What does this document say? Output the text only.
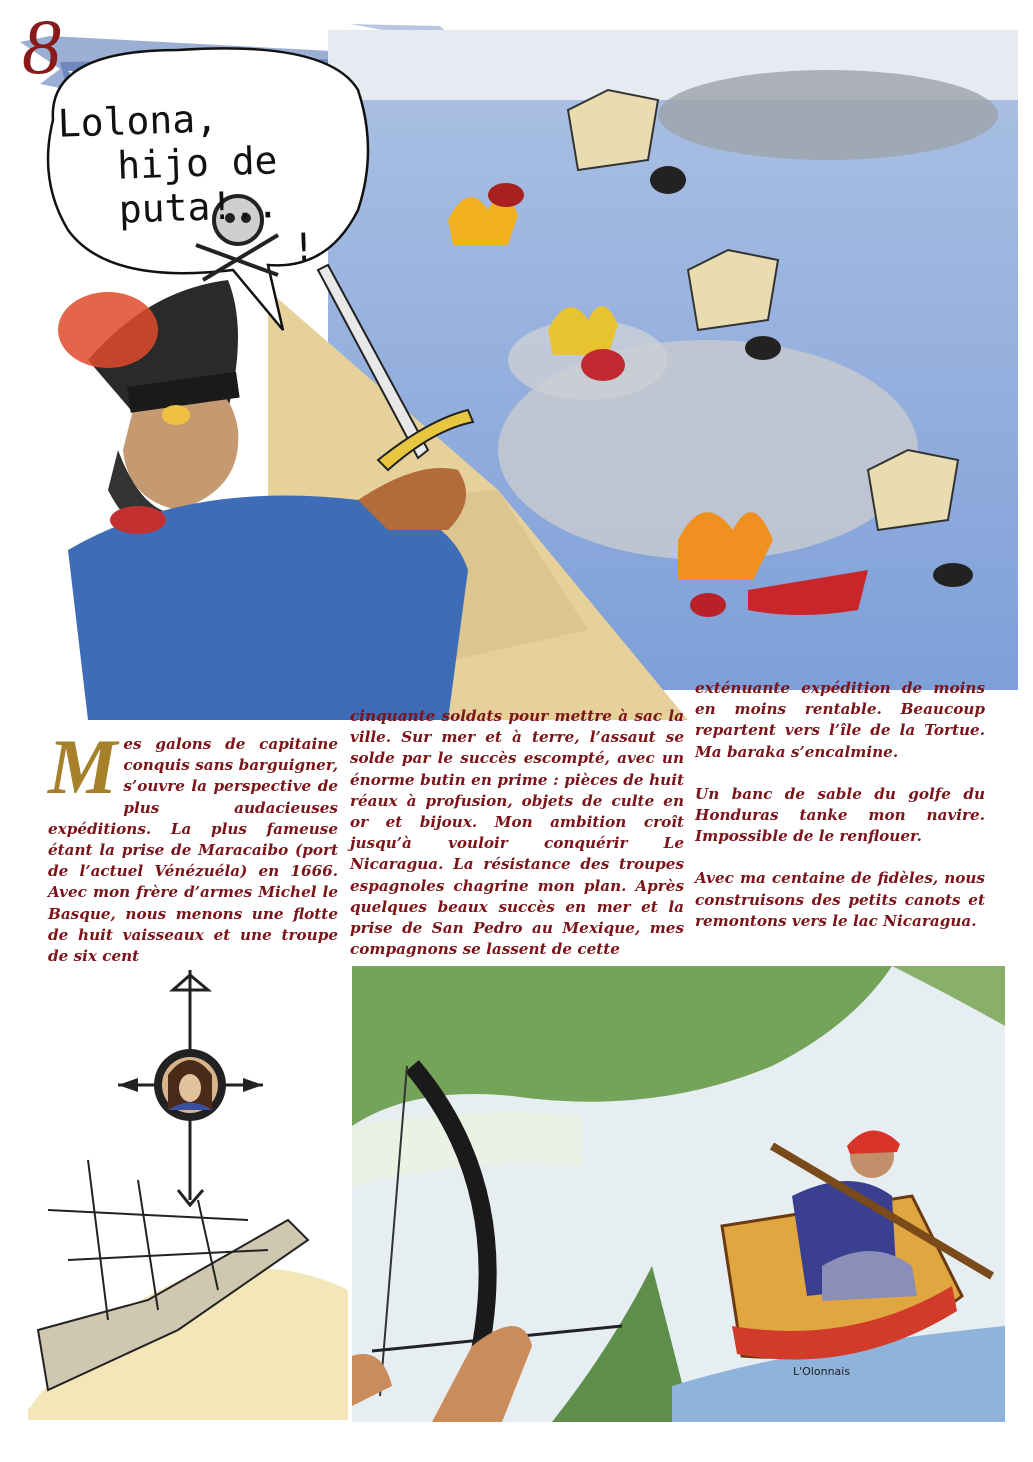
8
Lolona,
hijo de puta!..
!
M es galons de capitaine conquis sans barguigner, s’ouvre la perspective de plus audacieuses expéditions. La plus fameuse étant la prise de Maracaibo (port de l’actuel Vénézuéla) en 1666. Avec mon frère d’armes Michel le Basque, nous menons une flotte de huit vaisseaux et une troupe de six cent

cinquante soldats pour mettre à sac la ville. Sur mer et à terre, l’assaut se solde par le succès escompté, avec un énorme butin en prime : pièces de huit réaux à profusion, objets de culte en or et bijoux. Mon ambition croît jusqu’à vouloir conquérir Le Nicaragua. La résistance des troupes espagnoles chagrine mon plan. Après quelques beaux succès en mer et la prise de San Pedro au Mexique, mes compagnons se lassent de cette

exténuante expédition de moins en moins rentable. Beaucoup repartent vers l’île de la Tortue. Ma baraka s’encalmine.

Un banc de sable du golfe du Honduras tanke mon navire. Impossible de le renflouer.

Avec ma centaine de fidèles, nous construisons des petits canots et remontons vers le lac Nicaragua.

L'Olonnais
